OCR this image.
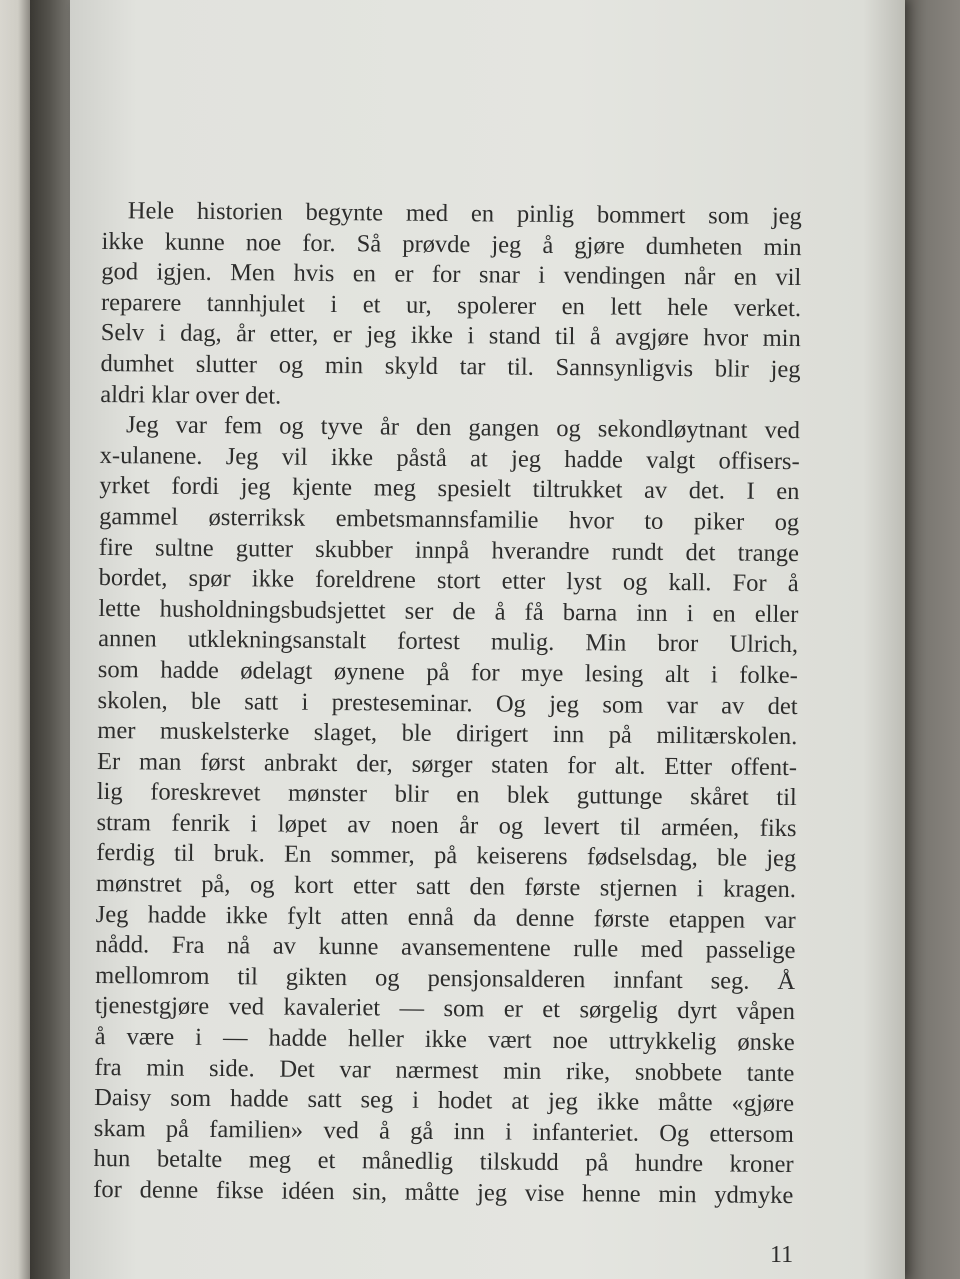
Hele historien begynte med en pinlig bommert som jeg
ikke kunne noe for. Så prøvde jeg å gjøre dumheten min
god igjen. Men hvis en er for snar i vendingen når en vil
reparere tannhjulet i et ur, spolerer en lett hele verket.
Selv i dag, år etter, er jeg ikke i stand til å avgjøre hvor min
dumhet slutter og min skyld tar til. Sannsynligvis blir jeg
aldri klar over det.
Jeg var fem og tyve år den gangen og sekondløytnant ved
x-ulanene. Jeg vil ikke påstå at jeg hadde valgt offisers-
yrket fordi jeg kjente meg spesielt tiltrukket av det. I en
gammel østerriksk embetsmannsfamilie hvor to piker og
fire sultne gutter skubber innpå hverandre rundt det trange
bordet, spør ikke foreldrene stort etter lyst og kall. For å
lette husholdningsbudsjettet ser de å få barna inn i en eller
annen utklekningsanstalt fortest mulig. Min bror Ulrich,
som hadde ødelagt øynene på for mye lesing alt i folke-
skolen, ble satt i presteseminar. Og jeg som var av det
mer muskelsterke slaget, ble dirigert inn på militærskolen.
Er man først anbrakt der, sørger staten for alt. Etter offent-
lig foreskrevet mønster blir en blek guttunge skåret til
stram fenrik i løpet av noen år og levert til arméen, fiks
ferdig til bruk. En sommer, på keiserens fødselsdag, ble jeg
mønstret på, og kort etter satt den første stjernen i kragen.
Jeg hadde ikke fylt atten ennå da denne første etappen var
nådd. Fra nå av kunne avansementene rulle med passelige
mellomrom til gikten og pensjonsalderen innfant seg. Å
tjenestgjøre ved kavaleriet — som er et sørgelig dyrt våpen
å være i — hadde heller ikke vært noe uttrykkelig ønske
fra min side. Det var nærmest min rike, snobbete tante
Daisy som hadde satt seg i hodet at jeg ikke måtte «gjøre
skam på familien» ved å gå inn i infanteriet. Og ettersom
hun betalte meg et månedlig tilskudd på hundre kroner
for denne fikse idéen sin, måtte jeg vise henne min ydmyke
11
